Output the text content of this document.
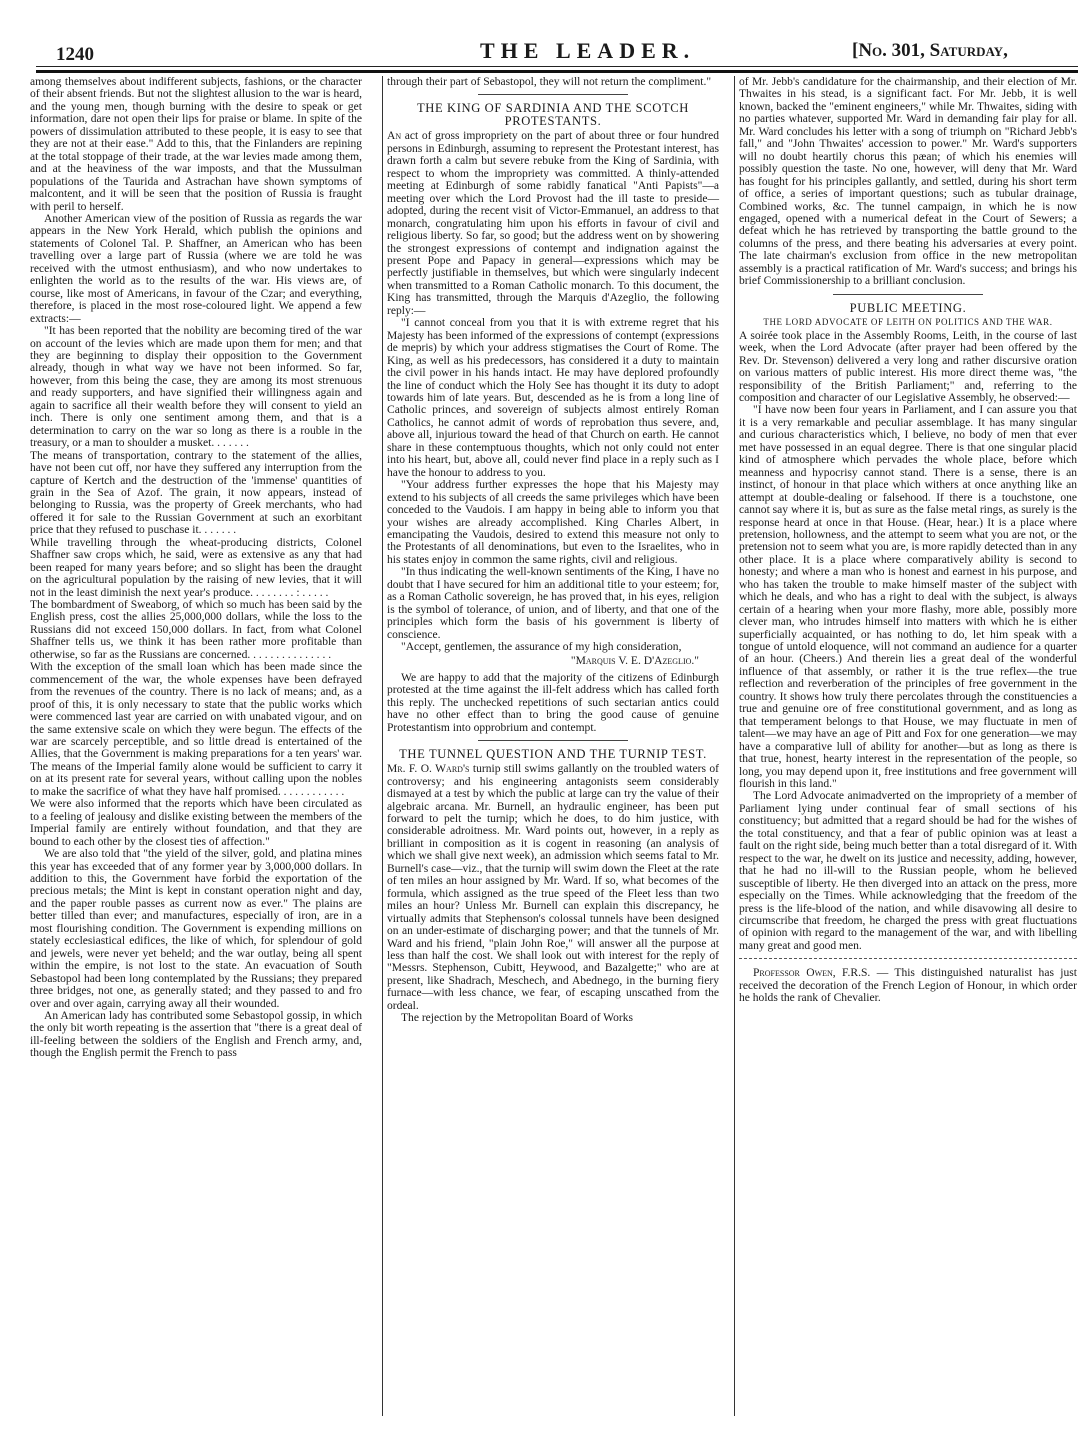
1240	THE LEADER.	[No. 301, Saturday,

among themselves about indifferent subjects, fashions, or the character of their absent friends. But not the slightest allusion to the war is heard, and the young men, though burning with the desire to speak or get information, dare not open their lips for praise or blame. In spite of the powers of dissimulation attributed to these people, it is easy to see that they are not at their ease." Add to this, that the Finlanders are repining at the total stoppage of their trade, at the war levies made among them, and at the heaviness of the war imposts, and that the Mussulman populations of the Taurida and Astrachan have shown symptoms of malcontent, and it will be seen that the position of Russia is fraught with peril to herself.

Another American view of the position of Russia as regards the war appears in the New York Herald, which publish the opinions and statements of Colonel Tal. P. Shaffner, an American who has been travelling over a large part of Russia (where we are told he was received with the utmost enthusiasm), and who now undertakes to enlighten the world as to the results of the war. His views are, of course, like most of Americans, in favour of the Czar; and everything, therefore, is placed in the most rose-coloured light. We append a few extracts:—

"It has been reported that the nobility are becoming tired of the war on account of the levies which are made upon them for men; and that they are beginning to display their opposition to the Government already, though in what way we have not been informed. So far, however, from this being the case, they are among its most strenuous and ready supporters, and have signified their willingness again and again to sacrifice all their wealth before they will consent to yield an inch. There is only one sentiment among them, and that is a determination to carry on the war so long as there is a rouble in the treasury, or a man to shoulder a musket. . . . . . .

The means of transportation, contrary to the statement of the allies, have not been cut off, nor have they suffered any interruption from the capture of Kertch and the destruction of the 'immense' quantities of grain in the Sea of Azof. The grain, it now appears, instead of belonging to Russia, was the property of Greek merchants, who had offered it for sale to the Russian Government at such an exorbitant price that they refused to puschase it. . . . . . .

While travelling through the wheat-producing districts, Colonel Shaffner saw crops which, he said, were as extensive as any that had been reaped for many years before; and so slight has been the draught on the agricultural population by the raising of new levies, that it will not in the least diminish the next year's produce. . . . . . . . : . . . . .

The bombardment of Sweaborg, of which so much has been said by the English press, cost the allies 25,000,000 dollars, while the loss to the Russians did not exceed 150,000 dollars. In fact, from what Colonel Shaffner tells us, we think it has been rather more profitable than otherwise, so far as the Russians are concerned. . . . . . . . . . . . . . .

With the exception of the small loan which has been made since the commencement of the war, the whole expenses have been defrayed from the revenues of the country. There is no lack of means; and, as a proof of this, it is only necessary to state that the public works which were commenced last year are carried on with unabated vigour, and on the same extensive scale on which they were begun. The effects of the war are scarcely perceptible, and so little dread is entertained of the Allies, that the Government is making preparations for a ten years' war. The means of the Imperial family alone would be sufficient to carry it on at its present rate for several years, without calling upon the nobles to make the sacrifice of what they have half promised. . . . . . . . . . . .

We were also informed that the reports which have been circulated as to a feeling of jealousy and dislike existing between the members of the Imperial family are entirely without foundation, and that they are bound to each other by the closest ties of affection."

We are also told that "the yield of the silver, gold, and platina mines this year has exceeded that of any former year by 3,000,000 dollars. In addition to this, the Government have forbid the exportation of the precious metals; the Mint is kept in constant operation night and day, and the paper rouble passes as current now as ever." The plains are better tilled than ever; and manufactures, especially of iron, are in a most flourishing condition. The Government is expending millions on stately ecclesiastical edifices, the like of which, for splendour of gold and jewels, were never yet beheld; and the war outlay, being all spent within the empire, is not lost to the state. An evacuation of South Sebastopol had been long contemplated by the Russians; they prepared three bridges, not one, as generally stated; and they passed to and fro over and over again, carrying away all their wounded.

An American lady has contributed some Sebastopol gossip, in which the only bit worth repeating is the assertion that "there is a great deal of ill-feeling between the soldiers of the English and French army, and, though the English permit the French to pass

through their part of Sebastopol, they will not return the compliment."

THE KING OF SARDINIA AND THE SCOTCH PROTESTANTS.

An act of gross impropriety on the part of about three or four hundred persons in Edinburgh, assuming to represent the Protestant interest, has drawn forth a calm but severe rebuke from the King of Sardinia, with respect to whom the impropriety was committed. A thinly-attended meeting at Edinburgh of some rabidly fanatical "Anti Papists"—a meeting over which the Lord Provost had the ill taste to preside—adopted, during the recent visit of Victor-Emmanuel, an address to that monarch, congratulating him upon his efforts in favour of civil and religious liberty. So far, so good; but the address went on by showering the strongest expressions of contempt and indignation against the present Pope and Papacy in general—expressions which may be perfectly justifiable in themselves, but which were singularly indecent when transmitted to a Roman Catholic monarch. To this document, the King has transmitted, through the Marquis d'Azeglio, the following reply:—

"I cannot conceal from you that it is with extreme regret that his Majesty has been informed of the expressions of contempt (expressions de mepris) by which your address stigmatises the Court of Rome. The King, as well as his predecessors, has considered it a duty to maintain the civil power in his hands intact. He may have deplored profoundly the line of conduct which the Holy See has thought it its duty to adopt towards him of late years. But, descended as he is from a long line of Catholic princes, and sovereign of subjects almost entirely Roman Catholics, he cannot admit of words of reprobation thus severe, and, above all, injurious toward the head of that Church on earth. He cannot share in these contemptuous thoughts, which not only could not enter into his heart, but, above all, could never find place in a reply such as I have the honour to address to you.

"Your address further expresses the hope that his Majesty may extend to his subjects of all creeds the same privileges which have been conceded to the Vaudois. I am happy in being able to inform you that your wishes are already accomplished. King Charles Albert, in emancipating the Vaudois, desired to extend this measure not only to the Protestants of all denominations, but even to the Israelites, who in his states enjoy in common the same rights, civil and religious.

"In thus indicating the well-known sentiments of the King, I have no doubt that I have secured for him an additional title to your esteem; for, as a Roman Catholic sovereign, he has proved that, in his eyes, religion is the symbol of tolerance, of union, and of liberty, and that one of the principles which form the basis of his government is liberty of conscience.

"Accept, gentlemen, the assurance of my high consideration,

"Marquis V. E. D'Azeglio."

We are happy to add that the majority of the citizens of Edinburgh protested at the time against the ill-felt address which has called forth this reply. The unchecked repetitions of such sectarian antics could have no other effect than to bring the good cause of genuine Protestantism into opprobrium and contempt.

THE TUNNEL QUESTION AND THE TURNIP TEST.

Mr. F. O. Ward's turnip still swims gallantly on the troubled waters of controversy; and his engineering antagonists seem considerably dismayed at a test by which the public at large can try the value of their algebraic arcana. Mr. Burnell, an hydraulic engineer, has been put forward to pelt the turnip; which he does, to do him justice, with considerable adroitness. Mr. Ward points out, however, in a reply as brilliant in composition as it is cogent in reasoning (an analysis of which we shall give next week), an admission which seems fatal to Mr. Burnell's case—viz., that the turnip will swim down the Fleet at the rate of ten miles an hour assigned by Mr. Ward. If so, what becomes of the formula, which assigned as the true speed of the Fleet less than two miles an hour? Unless Mr. Burnell can explain this discrepancy, he virtually admits that Stephenson's colossal tunnels have been designed on an under-estimate of discharging power; and that the tunnels of Mr. Ward and his friend, "plain John Roe," will answer all the purpose at less than half the cost. We shall look out with interest for the reply of "Messrs. Stephenson, Cubitt, Heywood, and Bazalgette;" who are at present, like Shadrach, Meschech, and Abednego, in the burning fiery furnace—with less chance, we fear, of escaping unscathed from the ordeal.

The rejection by the Metropolitan Board of Works

of Mr. Jebb's candidature for the chairmanship, and their election of Mr. Thwaites in his stead, is a significant fact. For Mr. Jebb, it is well known, backed the "eminent engineers," while Mr. Thwaites, siding with no parties whatever, supported Mr. Ward in demanding fair play for all. Mr. Ward concludes his letter with a song of triumph on "Richard Jebb's fall," and "John Thwaites' accession to power." Mr. Ward's supporters will no doubt heartily chorus this pæan; of which his enemies will possibly question the taste. No one, however, will deny that Mr. Ward has fought for his principles gallantly, and settled, during his short term of office, a series of important questions; such as tubular drainage, Combined works, &c. The tunnel campaign, in which he is now engaged, opened with a numerical defeat in the Court of Sewers; a defeat which he has retrieved by transporting the battle ground to the columns of the press, and there beating his adversaries at every point. The late chairman's exclusion from office in the new metropolitan assembly is a practical ratification of Mr. Ward's success; and brings his brief Commissionership to a brilliant conclusion.

PUBLIC MEETING.
THE LORD ADVOCATE OF LEITH ON POLITICS AND THE WAR.

A soirée took place in the Assembly Rooms, Leith, in the course of last week, when the Lord Advocate (after prayer had been offered by the Rev. Dr. Stevenson) delivered a very long and rather discursive oration on various matters of public interest. His more direct theme was, "the responsibility of the British Parliament;" and, referring to the composition and character of our Legislative Assembly, he observed:—

"I have now been four years in Parliament, and I can assure you that it is a very remarkable and peculiar assemblage. It has many singular and curious characteristics which, I believe, no body of men that ever met have possessed in an equal degree. There is that one singular placid kind of atmosphere which pervades the whole place, before which meanness and hypocrisy cannot stand. There is a sense, there is an instinct, of honour in that place which withers at once anything like an attempt at double-dealing or falsehood. If there is a touchstone, one cannot say where it is, but as sure as the false metal rings, as surely is the response heard at once in that House. (Hear, hear.) It is a place where pretension, hollowness, and the attempt to seem what you are not, or the pretension not to seem what you are, is more rapidly detected than in any other place. It is a place where comparatively ability is second to honesty; and where a man who is honest and earnest in his purpose, and who has taken the trouble to make himself master of the subject with which he deals, and who has a right to deal with the subject, is always certain of a hearing when your more flashy, more able, possibly more clever man, who intrudes himself into matters with which he is either superficially acquainted, or has nothing to do, let him speak with a tongue of untold eloquence, will not command an audience for a quarter of an hour. (Cheers.) And therein lies a great deal of the wonderful influence of that assembly, or rather it is the true reflex—the true reflection and reverberation of the principles of free government in the country. It shows how truly there percolates through the constituencies a true and genuine ore of free constitutional government, and as long as that temperament belongs to that House, we may fluctuate in men of talent—we may have an age of Pitt and Fox for one generation—we may have a comparative lull of ability for another—but as long as there is that true, honest, hearty interest in the representation of the people, so long, you may depend upon it, free institutions and free government will flourish in this land."

The Lord Advocate animadverted on the impropriety of a member of Parliament lying under continual fear of small sections of his constituency; but admitted that a regard should be had for the wishes of the total constituency, and that a fear of public opinion was at least a fault on the right side, being much better than a total disregard of it. With respect to the war, he dwelt on its justice and necessity, adding, however, that he had no ill-will to the Russian people, whom he believed susceptible of liberty. He then diverged into an attack on the press, more especially on the Times. While acknowledging that the freedom of the press is the life-blood of the nation, and while disavowing all desire to circumscribe that freedom, he charged the press with great fluctuations of opinion with regard to the management of the war, and with libelling many great and good men.

Professor Owen, F.R.S. — This distinguished naturalist has just received the decoration of the French Legion of Honour, in which order he holds the rank of Chevalier.
